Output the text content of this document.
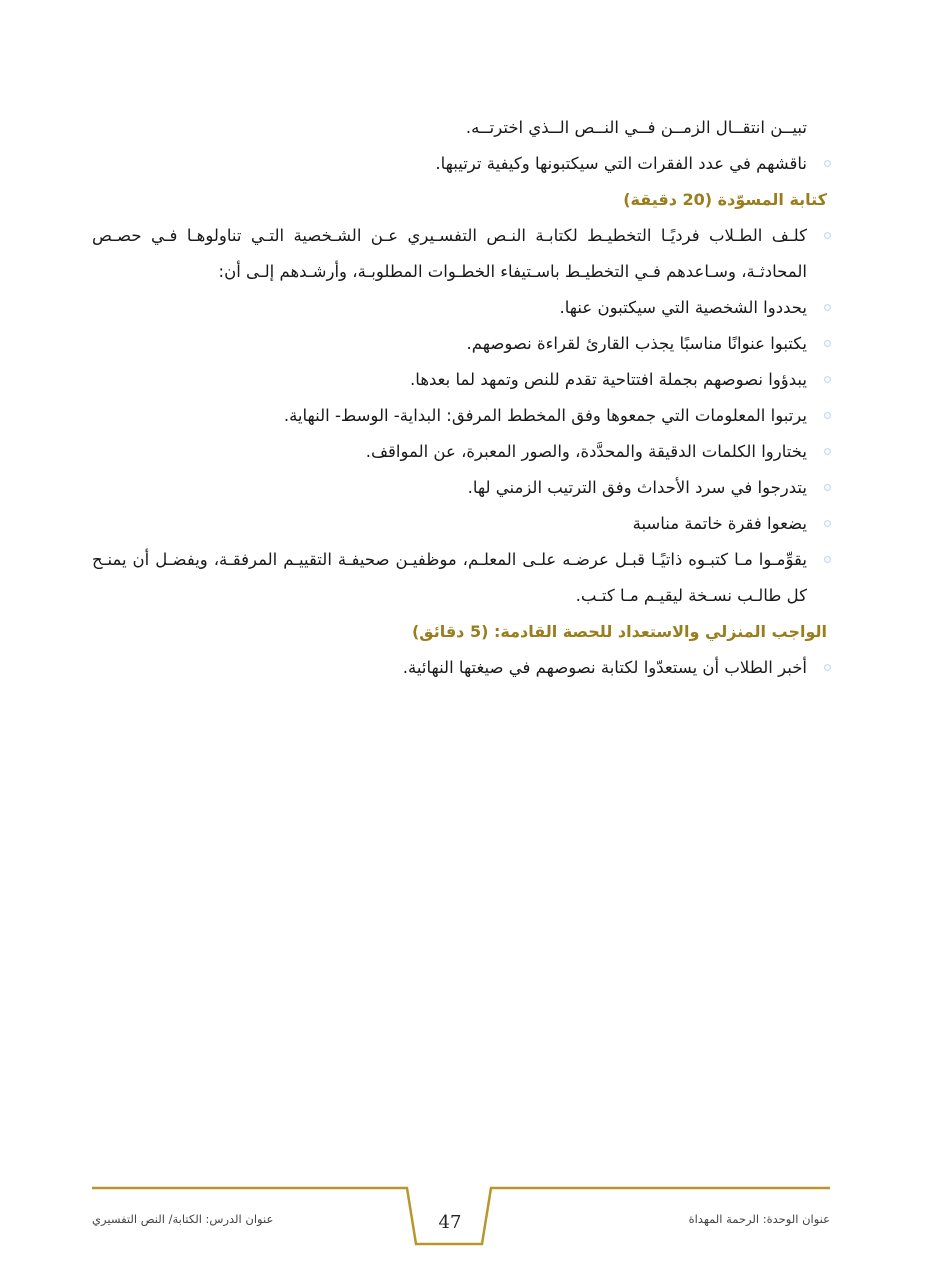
تبيــن انتقــال الزمــن فــي النــص الــذي اخترتــه.
ناقشهم في عدد الفقرات التي سيكتبونها وكيفية ترتيبها.
كتابة المسوّدة (20 دقيقة)
كلـف الطـلاب فرديًـا التخطيـط لكتابـة النـص التفسـيري عـن الشـخصية التـي تناولوهـا فـي حصـص المحادثـة، وسـاعدهم فـي التخطيـط باسـتيفاء الخطـوات المطلوبـة، وأرشـدهم إلـى أن:
يحددوا الشخصية التي سيكتبون عنها.
يكتبوا عنوانًا مناسبًا يجذب القارئ لقراءة نصوصهم.
يبدؤوا نصوصهم بجملة افتتاحية تقدم للنص وتمهد لما بعدها.
يرتبوا المعلومات التي جمعوها وفق المخطط المرفق: البداية- الوسط- النهاية.
يختاروا الكلمات الدقيقة والمحدَّدة، والصور المعبرة، عن المواقف.
يتدرجوا في سرد الأحداث وفق الترتيب الزمني لها.
يضعوا فقرة خاتمة مناسبة
يقوِّمـوا مـا كتبـوه ذاتيًـا قبـل عرضـه علـى المعلـم، موظفيـن صحيفـة التقييـم المرفقـة، ويفضـل أن يمنـح كل طالـب نسـخة ليقيـم مـا كتـب.
الواجب المنزلي والاستعداد للحصة القادمة: (5 دقائق)
أخبر الطلاب أن يستعدّوا لكتابة نصوصهم في صيغتها النهائية.
47
عنوان الدرس: الكتابة/ النص التفسيري	عنوان الوحدة: الرحمة المهداة
